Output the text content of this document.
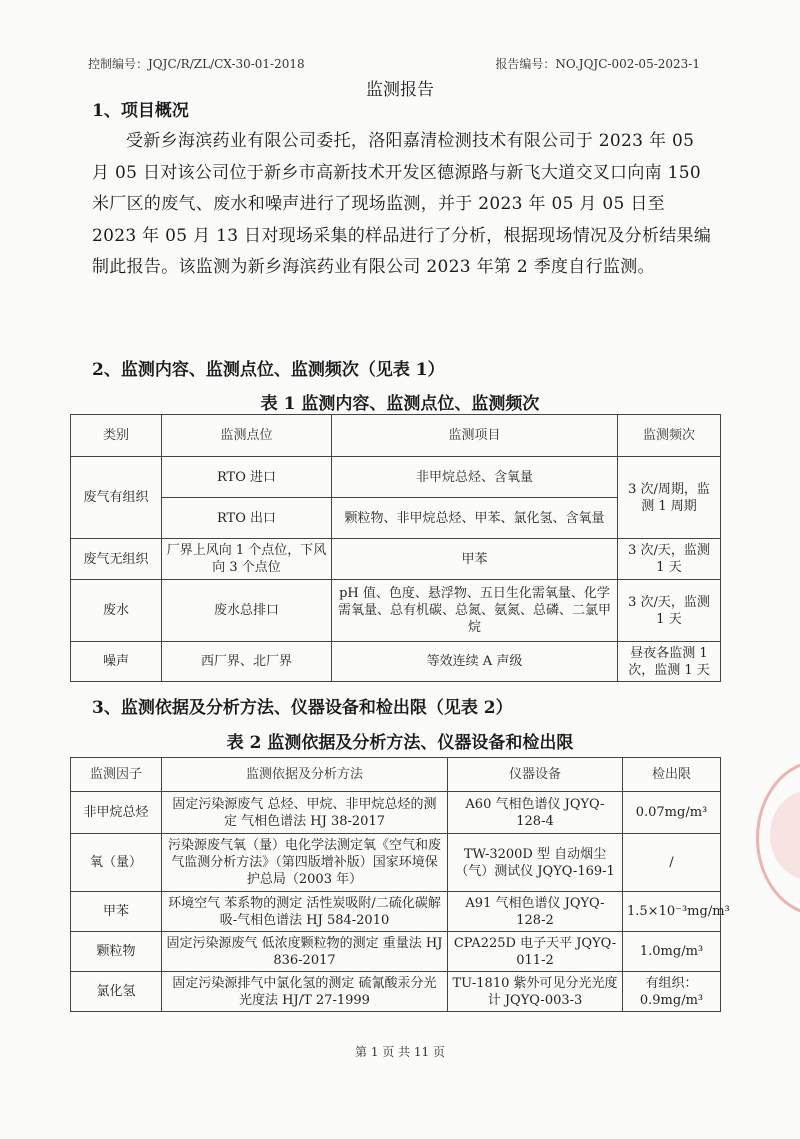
控制编号：JQJC/R/ZL/CX-30-01-2018	报告编号：NO.JQJC-002-05-2023-1
监测报告
1、项目概况
受新乡海滨药业有限公司委托，洛阳嘉清检测技术有限公司于 2023 年 05 月 05 日对该公司位于新乡市高新技术开发区德源路与新飞大道交叉口向南 150 米厂区的废气、废水和噪声进行了现场监测，并于 2023 年 05 月 05 日至 2023 年 05 月 13 日对现场采集的样品进行了分析，根据现场情况及分析结果编制此报告。该监测为新乡海滨药业有限公司 2023 年第 2 季度自行监测。
2、监测内容、监测点位、监测频次（见表 1）
表 1 监测内容、监测点位、监测频次
类别	监测点位	监测项目	监测频次
废气有组织	RTO 进口	非甲烷总烃、含氧量	3 次/周期，监测 1 周期
	RTO 出口	颗粒物、非甲烷总烃、甲苯、氯化氢、含氧量	
废气无组织	厂界上风向 1 个点位，下风向 3 个点位	甲苯	3 次/天，监测 1 天
废水	废水总排口	pH 值、色度、悬浮物、五日生化需氧量、化学需氧量、总有机碳、总氮、氨氮、总磷、二氯甲烷	3 次/天，监测 1 天
噪声	西厂界、北厂界	等效连续 A 声级	昼夜各监测 1 次，监测 1 天
3、监测依据及分析方法、仪器设备和检出限（见表 2）
表 2 监测依据及分析方法、仪器设备和检出限
监测因子	监测依据及分析方法	仪器设备	检出限
非甲烷总烃	固定污染源废气 总烃、甲烷、非甲烷总烃的测定 气相色谱法 HJ 38-2017	A60 气相色谱仪 JQYQ-128-4	0.07mg/m³
氧（量）	污染源废气氧（量）电化学法测定氧《空气和废气监测分析方法》（第四版增补版）国家环境保护总局（2003 年）	TW-3200D 型 自动烟尘（气）测试仪 JQYQ-169-1	/
甲苯	环境空气 苯系物的测定 活性炭吸附/二硫化碳解吸-气相色谱法 HJ 584-2010	A91 气相色谱仪 JQYQ-128-2	1.5×10⁻³mg/m³
颗粒物	固定污染源废气 低浓度颗粒物的测定 重量法 HJ 836-2017	CPA225D 电子天平 JQYQ-011-2	1.0mg/m³
氯化氢	固定污染源排气中氯化氢的测定 硫氰酸汞分光光度法 HJ/T 27-1999	TU-1810 紫外可见分光光度计 JQYQ-003-3	有组织：0.9mg/m³
第 1 页 共 11 页
